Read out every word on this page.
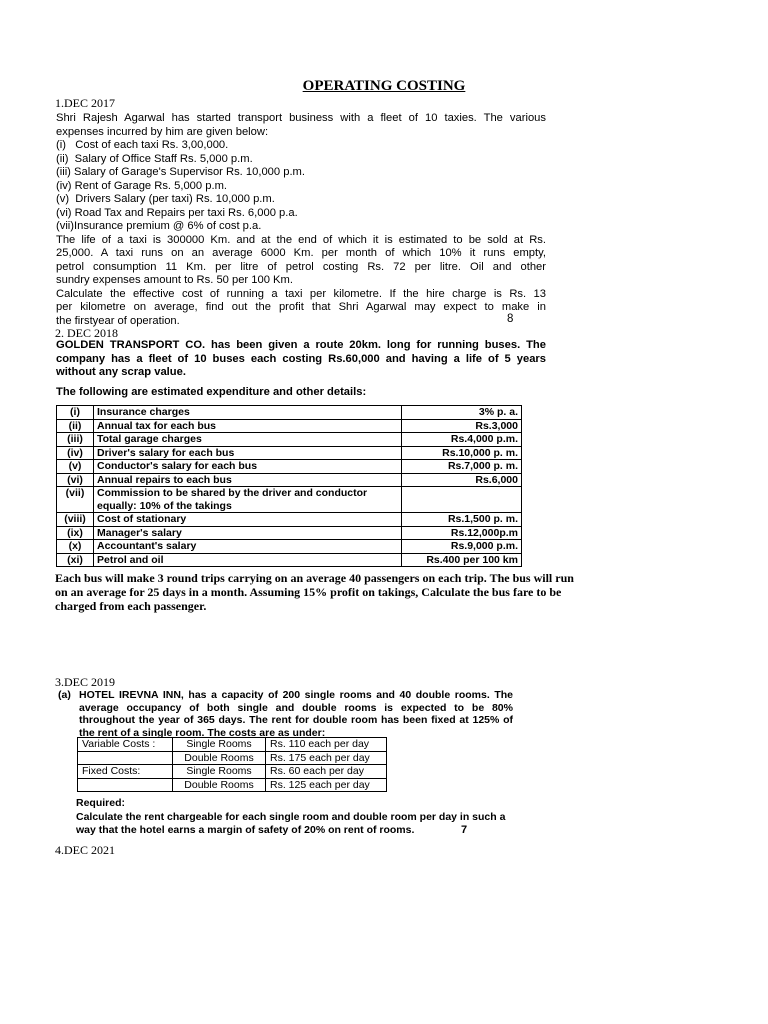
OPERATING COSTING
1.DEC 2017
Shri Rajesh Agarwal has started transport business with a fleet of 10 taxies. The various
expenses incurred by him are given below:
(i)   Cost of each taxi Rs. 3,00,000.
(ii)  Salary of Office Staff Rs. 5,000 p.m.
(iii) Salary of Garage's Supervisor Rs. 10,000 p.m.
(iv) Rent of Garage Rs. 5,000 p.m.
(v)  Drivers Salary (per taxi) Rs. 10,000 p.m.
(vi) Road Tax and Repairs per taxi Rs. 6,000 p.a.
(vii)Insurance premium @ 6% of cost p.a.
The life of a taxi is 300000 Km. and at the end of which it is estimated to be sold at Rs.
25,000. A taxi runs on an average 6000 Km. per month of which 10% it runs empty,
petrol consumption 11 Km. per litre of petrol costing Rs. 72 per litre. Oil and other
sundry expenses amount to Rs. 50 per 100 Km.
Calculate the effective cost of running a taxi per kilometre. If the hire charge is Rs. 13
per kilometre on average, find out the profit that Shri Agarwal may expect to make in
the firstyear of operation.	8
2. DEC 2018
GOLDEN TRANSPORT CO. has been given a route 20km. long for running buses. The
company has a fleet of 10 buses each costing Rs.60,000 and having a life of 5 years
without any scrap value.
The following are estimated expenditure and other details:
(i)	Insurance charges	3% p. a.
(ii)	Annual tax for each bus	Rs.3,000
(iii)	Total garage charges	Rs.4,000 p.m.
(iv)	Driver's salary for each bus	Rs.10,000 p. m.
(v)	Conductor's salary for each bus	Rs.7,000 p. m.
(vi)	Annual repairs to each bus	Rs.6,000
(vii)	Commission to be shared by the driver and conductor equally: 10% of the takings	
(viii)	Cost of stationary	Rs.1,500 p. m.
(ix)	Manager's salary	Rs.12,000p.m
(x)	Accountant's salary	Rs.9,000 p.m.
(xi)	Petrol and oil	Rs.400 per 100 km
Each bus will make 3 round trips carrying on an average 40 passengers on each trip. The bus will run on an average for 25 days in a month. Assuming 15% profit on takings, Calculate the bus fare to be charged from each passenger.
3.DEC 2019
(a) HOTEL IREVNA INN, has a capacity of 200 single rooms and 40 double rooms. The average occupancy of both single and double rooms is expected to be 80% throughout the year of 365 days. The rent for double room has been fixed at 125% of the rent of a single room. The costs are as under:
Variable Costs :	Single Rooms	Rs. 110 each per day
	Double Rooms	Rs. 175 each per day
Fixed Costs:	Single Rooms	Rs. 60 each per day
	Double Rooms	Rs. 125 each per day
Required:
Calculate the rent chargeable for each single room and double room per day in such a way that the hotel earns a margin of safety of 20% on rent of rooms.	7
4.DEC 2021
